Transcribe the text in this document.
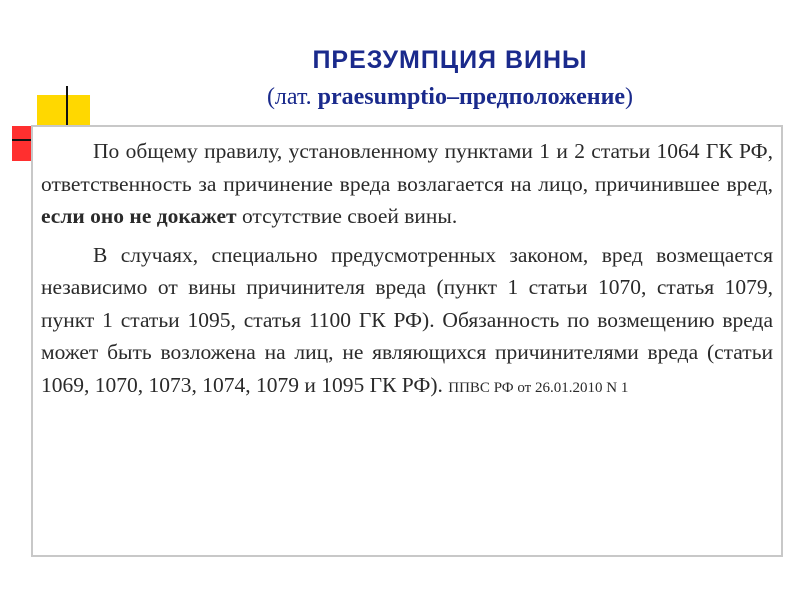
ПРЕЗУМПЦИЯ ВИНЫ
(лат. praesumptio–предположение)

По общему правилу, установленному пунктами 1 и 2 статьи 1064 ГК РФ, ответственность за причинение вреда возлагается на лицо, причинившее вред, если оно не докажет отсутствие своей вины.

В случаях, специально предусмотренных законом, вред возмещается независимо от вины причинителя вреда (пункт 1 статьи 1070, статья 1079, пункт 1 статьи 1095, статья 1100 ГК РФ). Обязанность по возмещению вреда может быть возложена на лиц, не являющихся причинителями вреда (статьи 1069, 1070, 1073, 1074, 1079 и 1095 ГК РФ). ППВС РФ от 26.01.2010 N 1
